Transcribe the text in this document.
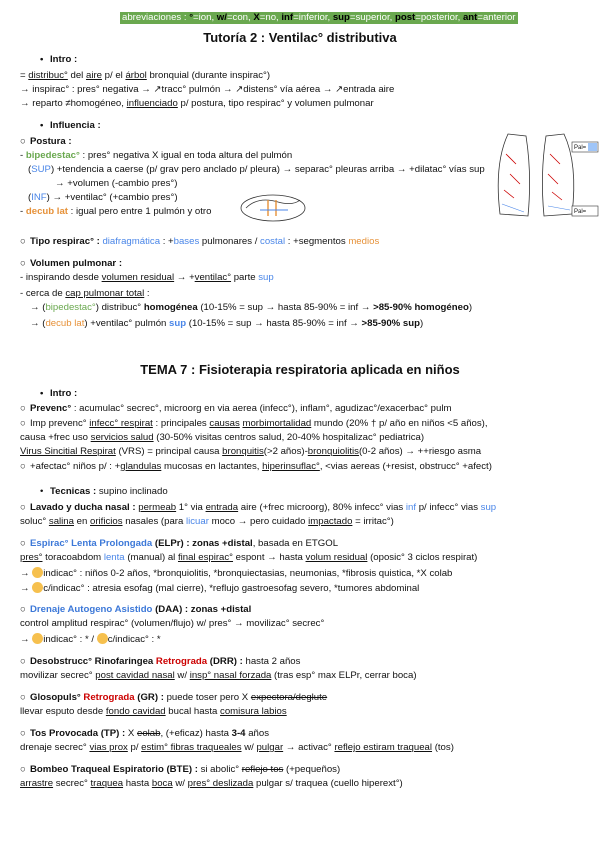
abreviaciones : °=ion, w/=con, X=no, inf=inferior, sup=superior, post=posterior, ant=anterior
Tutoría 2 : Ventilac° distributiva
• Intro :
= distribuc° del aire p/ el árbol bronquial (durante inspirac°)
→ inspirac° : pres° negativa → ↗tracc° pulmón → ↗distens° vía aérea → ↗entrada aire
→ reparto ≠homogéneo, influenciado p/ postura, tipo respirac° y volumen pulmonar
• Influencia :
○ Postura :
- bipedestac° : pres° negativa X igual en toda altura del pulmón
(SUP) +tendencia a caerse (p/ grav pero anclado p/ pleura) → separac° pleuras arriba → +dilatac° vías sup
→ +volumen (-cambio pres°)
(INF) → +ventilac° (+cambio pres°)
- decub lat : igual pero entre 1 pulmón y otro
Pal=
Pal=
○ Tipo respirac° : diafragmática : +bases pulmonares / costal : +segmentos medios
○ Volumen pulmonar :
- inspirando desde volumen residual → +ventilac° parte sup
- cerca de cap pulmonar total :
→ (bipedestac°) distribuc° homogénea (10-15% = sup → hasta 85-90% = inf → >85-90% homogéneo)
→ (decub lat) +ventilac° pulmón sup (10-15% = sup → hasta 85-90% = inf → >85-90% sup)
TEMA 7 : Fisioterapia respiratoria aplicada en niños
• Intro :
○ Prevenc° : acumulac° secrec°, microorg en via aerea (infecc°), inflam°, agudizac°/exacerbac° pulm
○ Imp prevenc° infecc° respirat : principales causas morbimortalidad mundo (20% † p/ año en niños <5 años),
causa +frec uso servicios salud (30-50% visitas centros salud, 20-40% hospitalizac° pediatrica)
Virus Sincitial Respirat (VRS) = principal causa bronquitis(>2 años)-bronquiolitis(0-2 años) → ++riesgo asma
○ +afectac° niños p/ : +glandulas mucosas en lactantes, hiperinsuflac°, <vias aereas (+resist, obstrucc° +afect)
• Tecnicas : supino inclinado
○ Lavado y ducha nasal : permeab 1° via entrada aire (+frec microorg), 80% infecc° vias inf p/ infecc° vias sup
soluc° salina en orificios nasales (para licuar moco → pero cuidado impactado = irritac°)
○ Espirac° Lenta Prolongada (ELPr) : zonas +distal, basada en ETGOL
pres° toracoabdom lenta (manual) al final espirac° espont → hasta volum residual (oposic° 3 ciclos respirat)
→ indicac° : niños 0-2 años, *bronquiolitis, *bronquiectasias, neumonias, *fibrosis quistica, *X colab
→ c/indicac° : atresia esofag (mal cierre), *reflujo gastroesofag severo, *tumores abdominal
○ Drenaje Autogeno Asistido (DAA) : zonas +distal
control amplitud respirac° (volumen/flujo) w/ pres° → movilizac° secrec°
→ indicac° : * / c/indicac° : *
○ Desobstrucc° Rinofaringea Retrograda (DRR) : hasta 2 años
movilizar secrec° post cavidad nasal w/ insp° nasal forzada (tras esp° max ELPr, cerrar boca)
○ Glosopuls° Retrograda (GR) : puede toser pero X expectora/deglute
llevar esputo desde fondo cavidad bucal hasta comisura labios
○ Tos Provocada (TP) : X eolab, (+eficaz) hasta 3-4 años
drenaje secrec° vias prox p/ estim° fibras traqueales w/ pulgar → activac° reflejo estiram traqueal (tos)
○ Bombeo Traqueal Espiratorio (BTE) : si abolic° reflejo tos (+pequeños)
arrastre secrec° traquea hasta boca w/ pres° deslizada pulgar s/ traquea (cuello hiperext°)
